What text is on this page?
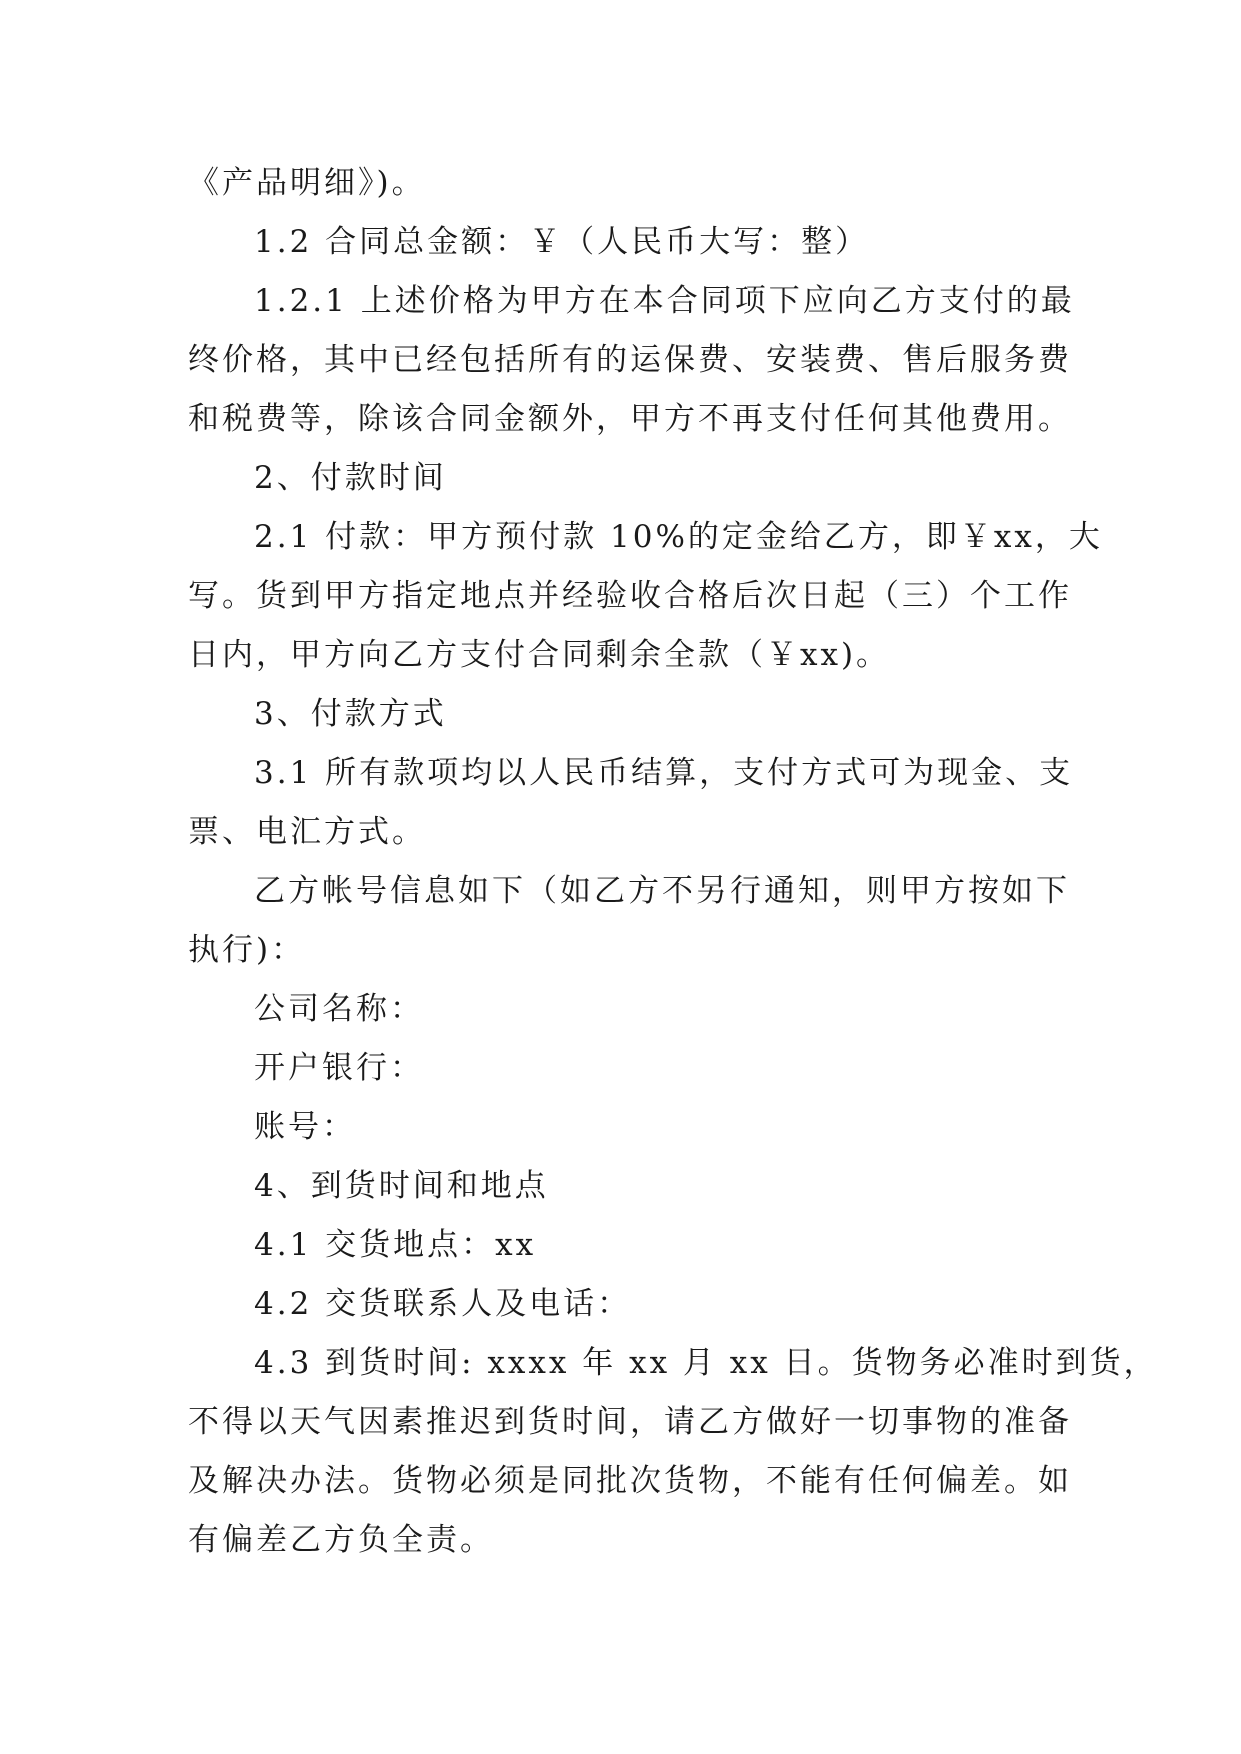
《产品明细》)。
1.2 合同总金额：￥（人民币大写：整）
1.2.1 上述价格为甲方在本合同项下应向乙方支付的最
终价格，其中已经包括所有的运保费、安装费、售后服务费
和税费等，除该合同金额外，甲方不再支付任何其他费用。
2、付款时间
2.1 付款：甲方预付款 10%的定金给乙方，即￥xx，大
写。货到甲方指定地点并经验收合格后次日起（三）个工作
日内，甲方向乙方支付合同剩余全款（￥xx)。
3、付款方式
3.1 所有款项均以人民币结算，支付方式可为现金、支
票、电汇方式。
乙方帐号信息如下（如乙方不另行通知，则甲方按如下
执行)：
公司名称：
开户银行：
账号：
4、到货时间和地点
4.1 交货地点：xx
4.2 交货联系人及电话：
4.3 到货时间: xxxx 年 xx 月 xx 日。货物务必准时到货，
不得以天气因素推迟到货时间，请乙方做好一切事物的准备
及解决办法。货物必须是同批次货物，不能有任何偏差。如
有偏差乙方负全责。
